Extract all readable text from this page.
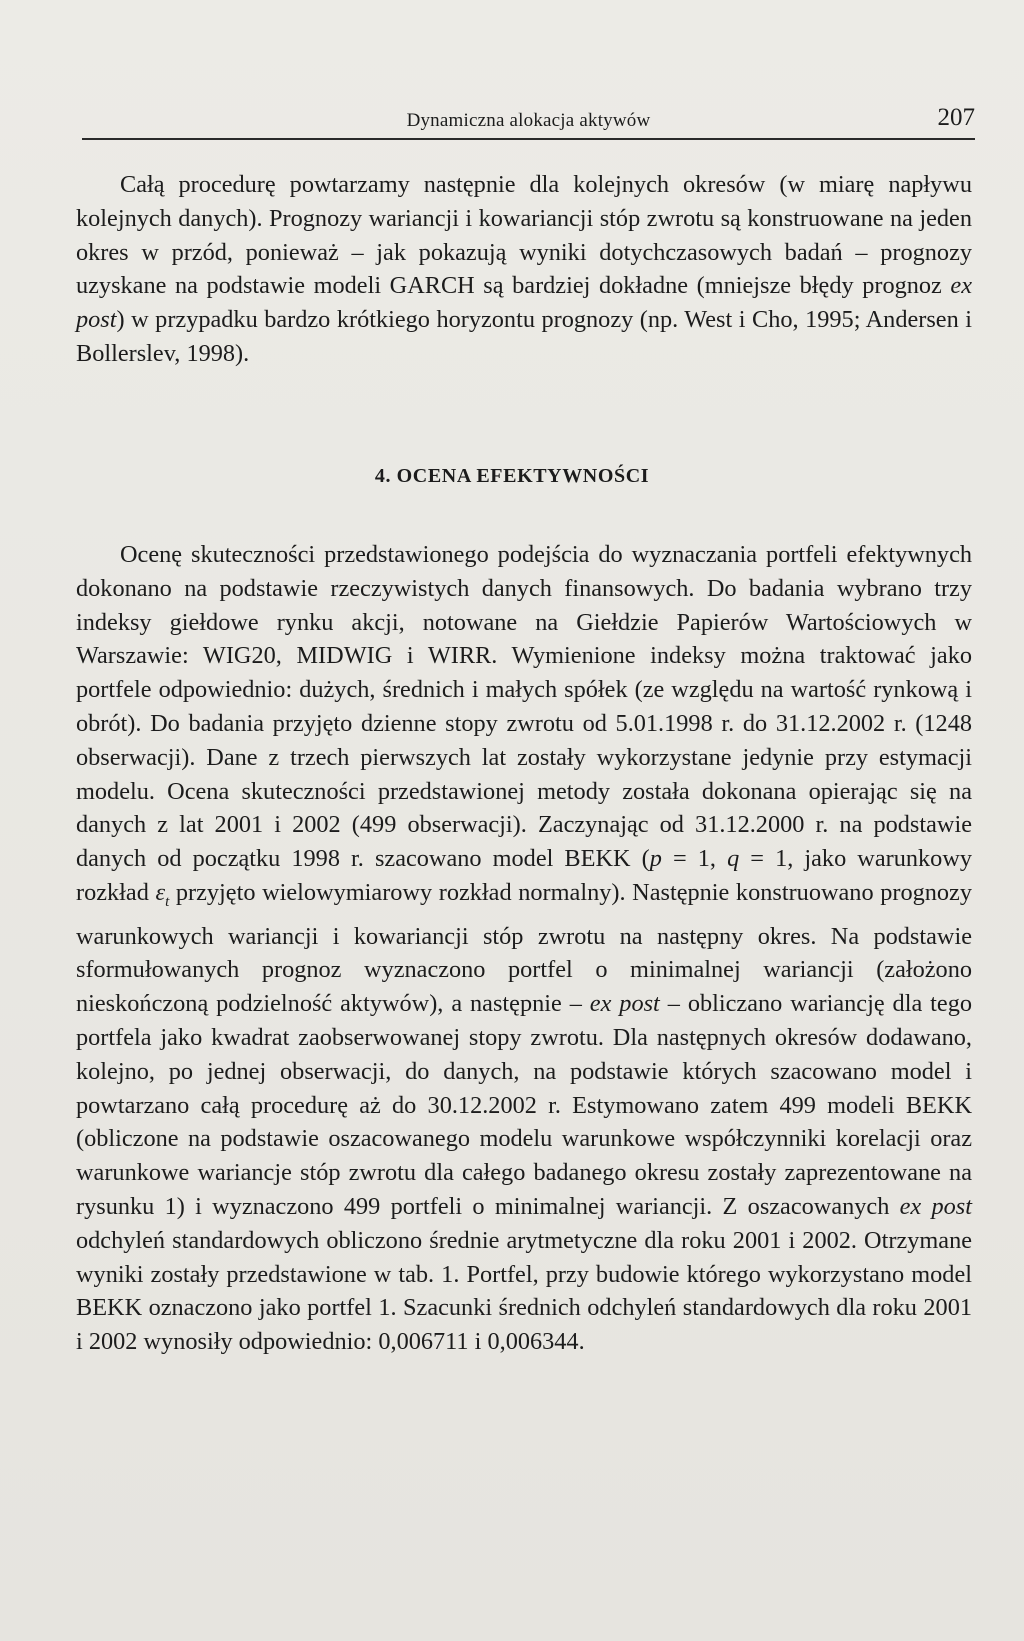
Dynamiczna alokacja aktywów	207

Całą procedurę powtarzamy następnie dla kolejnych okresów (w miarę napływu kolejnych danych). Prognozy wariancji i kowariancji stóp zwrotu są konstruowane na jeden okres w przód, ponieważ – jak pokazują wyniki dotychczasowych badań – prognozy uzyskane na podstawie modeli GARCH są bardziej dokładne (mniejsze błędy prognoz ex post) w przypadku bardzo krótkiego horyzontu prognozy (np. West i Cho, 1995; Andersen i Bollerslev, 1998).

4. OCENA EFEKTYWNOŚCI

Ocenę skuteczności przedstawionego podejścia do wyznaczania portfeli efektywnych dokonano na podstawie rzeczywistych danych finansowych. Do badania wybrano trzy indeksy giełdowe rynku akcji, notowane na Giełdzie Papierów Wartościowych w Warszawie: WIG20, MIDWIG i WIRR. Wymienione indeksy można traktować jako portfele odpowiednio: dużych, średnich i małych spółek (ze względu na wartość rynkową i obrót). Do badania przyjęto dzienne stopy zwrotu od 5.01.1998 r. do 31.12.2002 r. (1248 obserwacji). Dane z trzech pierwszych lat zostały wykorzystane jedynie przy estymacji modelu. Ocena skuteczności przedstawionej metody została dokonana opierając się na danych z lat 2001 i 2002 (499 obserwacji). Zaczynając od 31.12.2000 r. na podstawie danych od początku 1998 r. szacowano model BEKK (p = 1, q = 1, jako warunkowy rozkład $\varepsilon_t$ przyjęto wielowymiarowy rozkład normalny). Następnie konstruowano prognozy warunkowych wariancji i kowariancji stóp zwrotu na następny okres. Na podstawie sformułowanych prognoz wyznaczono portfel o minimalnej wariancji (założono nieskończoną podzielność aktywów), a następnie – ex post – obliczano wariancję dla tego portfela jako kwadrat zaobserwowanej stopy zwrotu. Dla następnych okresów dodawano, kolejno, po jednej obserwacji, do danych, na podstawie których szacowano model i powtarzano całą procedurę aż do 30.12.2002 r. Estymowano zatem 499 modeli BEKK (obliczone na podstawie oszacowanego modelu warunkowe współczynniki korelacji oraz warunkowe wariancje stóp zwrotu dla całego badanego okresu zostały zaprezentowane na rysunku 1) i wyznaczono 499 portfeli o minimalnej wariancji. Z oszacowanych ex post odchyleń standardowych obliczono średnie arytmetyczne dla roku 2001 i 2002. Otrzymane wyniki zostały przedstawione w tab. 1. Portfel, przy budowie którego wykorzystano model BEKK oznaczono jako portfel 1. Szacunki średnich odchyleń standardowych dla roku 2001 i 2002 wynosiły odpowiednio: 0,006711 i 0,006344.
